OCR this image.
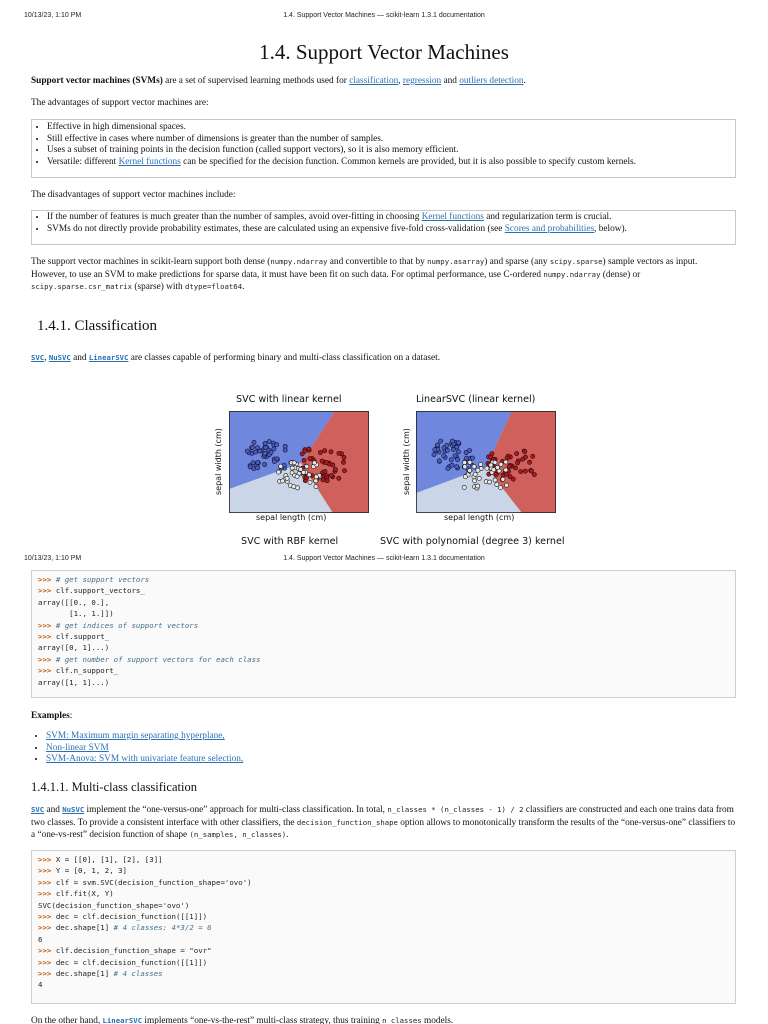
10/13/23, 1:10 PM	1.4. Support Vector Machines — scikit-learn 1.3.1 documentation
1.4. Support Vector Machines

Support vector machines (SVMs) are a set of supervised learning methods used for classification, regression and outliers detection.

The advantages of support vector machines are:

• Effective in high dimensional spaces.
• Still effective in cases where number of dimensions is greater than the number of samples.
• Uses a subset of training points in the decision function (called support vectors), so it is also memory efficient.
• Versatile: different Kernel functions can be specified for the decision function. Common kernels are provided, but it is also possible to specify custom kernels.

The disadvantages of support vector machines include:

• If the number of features is much greater than the number of samples, avoid over-fitting in choosing Kernel functions and regularization term is crucial.
• SVMs do not directly provide probability estimates, these are calculated using an expensive five-fold cross-validation (see Scores and probabilities, below).

The support vector machines in scikit-learn support both dense (numpy.ndarray and convertible to that by numpy.asarray) and sparse (any scipy.sparse) sample vectors as input. However, to use an SVM to make predictions for sparse data, it must have been fit on such data. For optimal performance, use C-ordered numpy.ndarray (dense) or scipy.sparse.csr_matrix (sparse) with dtype=float64.

1.4.1. Classification

SVC, NuSVC and LinearSVC are classes capable of performing binary and multi-class classification on a dataset.

SVC with linear kernel
sepal width (cm)
sepal length (cm)
LinearSVC (linear kernel)
sepal width (cm)
sepal length (cm)
SVC with RBF kernel	SVC with polynomial (degree 3) kernel
10/13/23, 1:10 PM	1.4. Support Vector Machines — scikit-learn 1.3.1 documentation
>>> # get support vectors
>>> clf.support_vectors_
array([[0., 0.],
[1., 1.]])
>>> # get indices of support vectors
>>> clf.support_
array([0, 1]...)
>>> # get number of support vectors for each class
>>> clf.n_support_
array([1, 1]...)

Examples:

• SVM: Maximum margin separating hyperplane,
• Non-linear SVM
• SVM-Anova: SVM with univariate feature selection,
1.4.1.1. Multi-class classification

SVC and NuSVC implement the “one-versus-one” approach for multi-class classification. In total, n_classes * (n_classes - 1) / 2 classifiers are constructed and each one trains data from two classes. To provide a consistent interface with other classifiers, the decision_function_shape option allows to monotonically transform the results of the “one-versus-one” classifiers to a “one-vs-rest” decision function of shape (n_samples, n_classes).

>>> X = [[0], [1], [2], [3]]
>>> Y = [0, 1, 2, 3]
>>> clf = svm.SVC(decision_function_shape='ovo')
>>> clf.fit(X, Y)
SVC(decision_function_shape='ovo')
>>> dec = clf.decision_function([[1]])
>>> dec.shape[1] # 4 classes: 4*3/2 = 6
6
>>> clf.decision_function_shape = "ovr"
>>> dec = clf.decision_function([[1]])
>>> dec.shape[1] # 4 classes
4

On the other hand, LinearSVC implements “one-vs-the-rest” multi-class strategy, thus training n_classes models.
